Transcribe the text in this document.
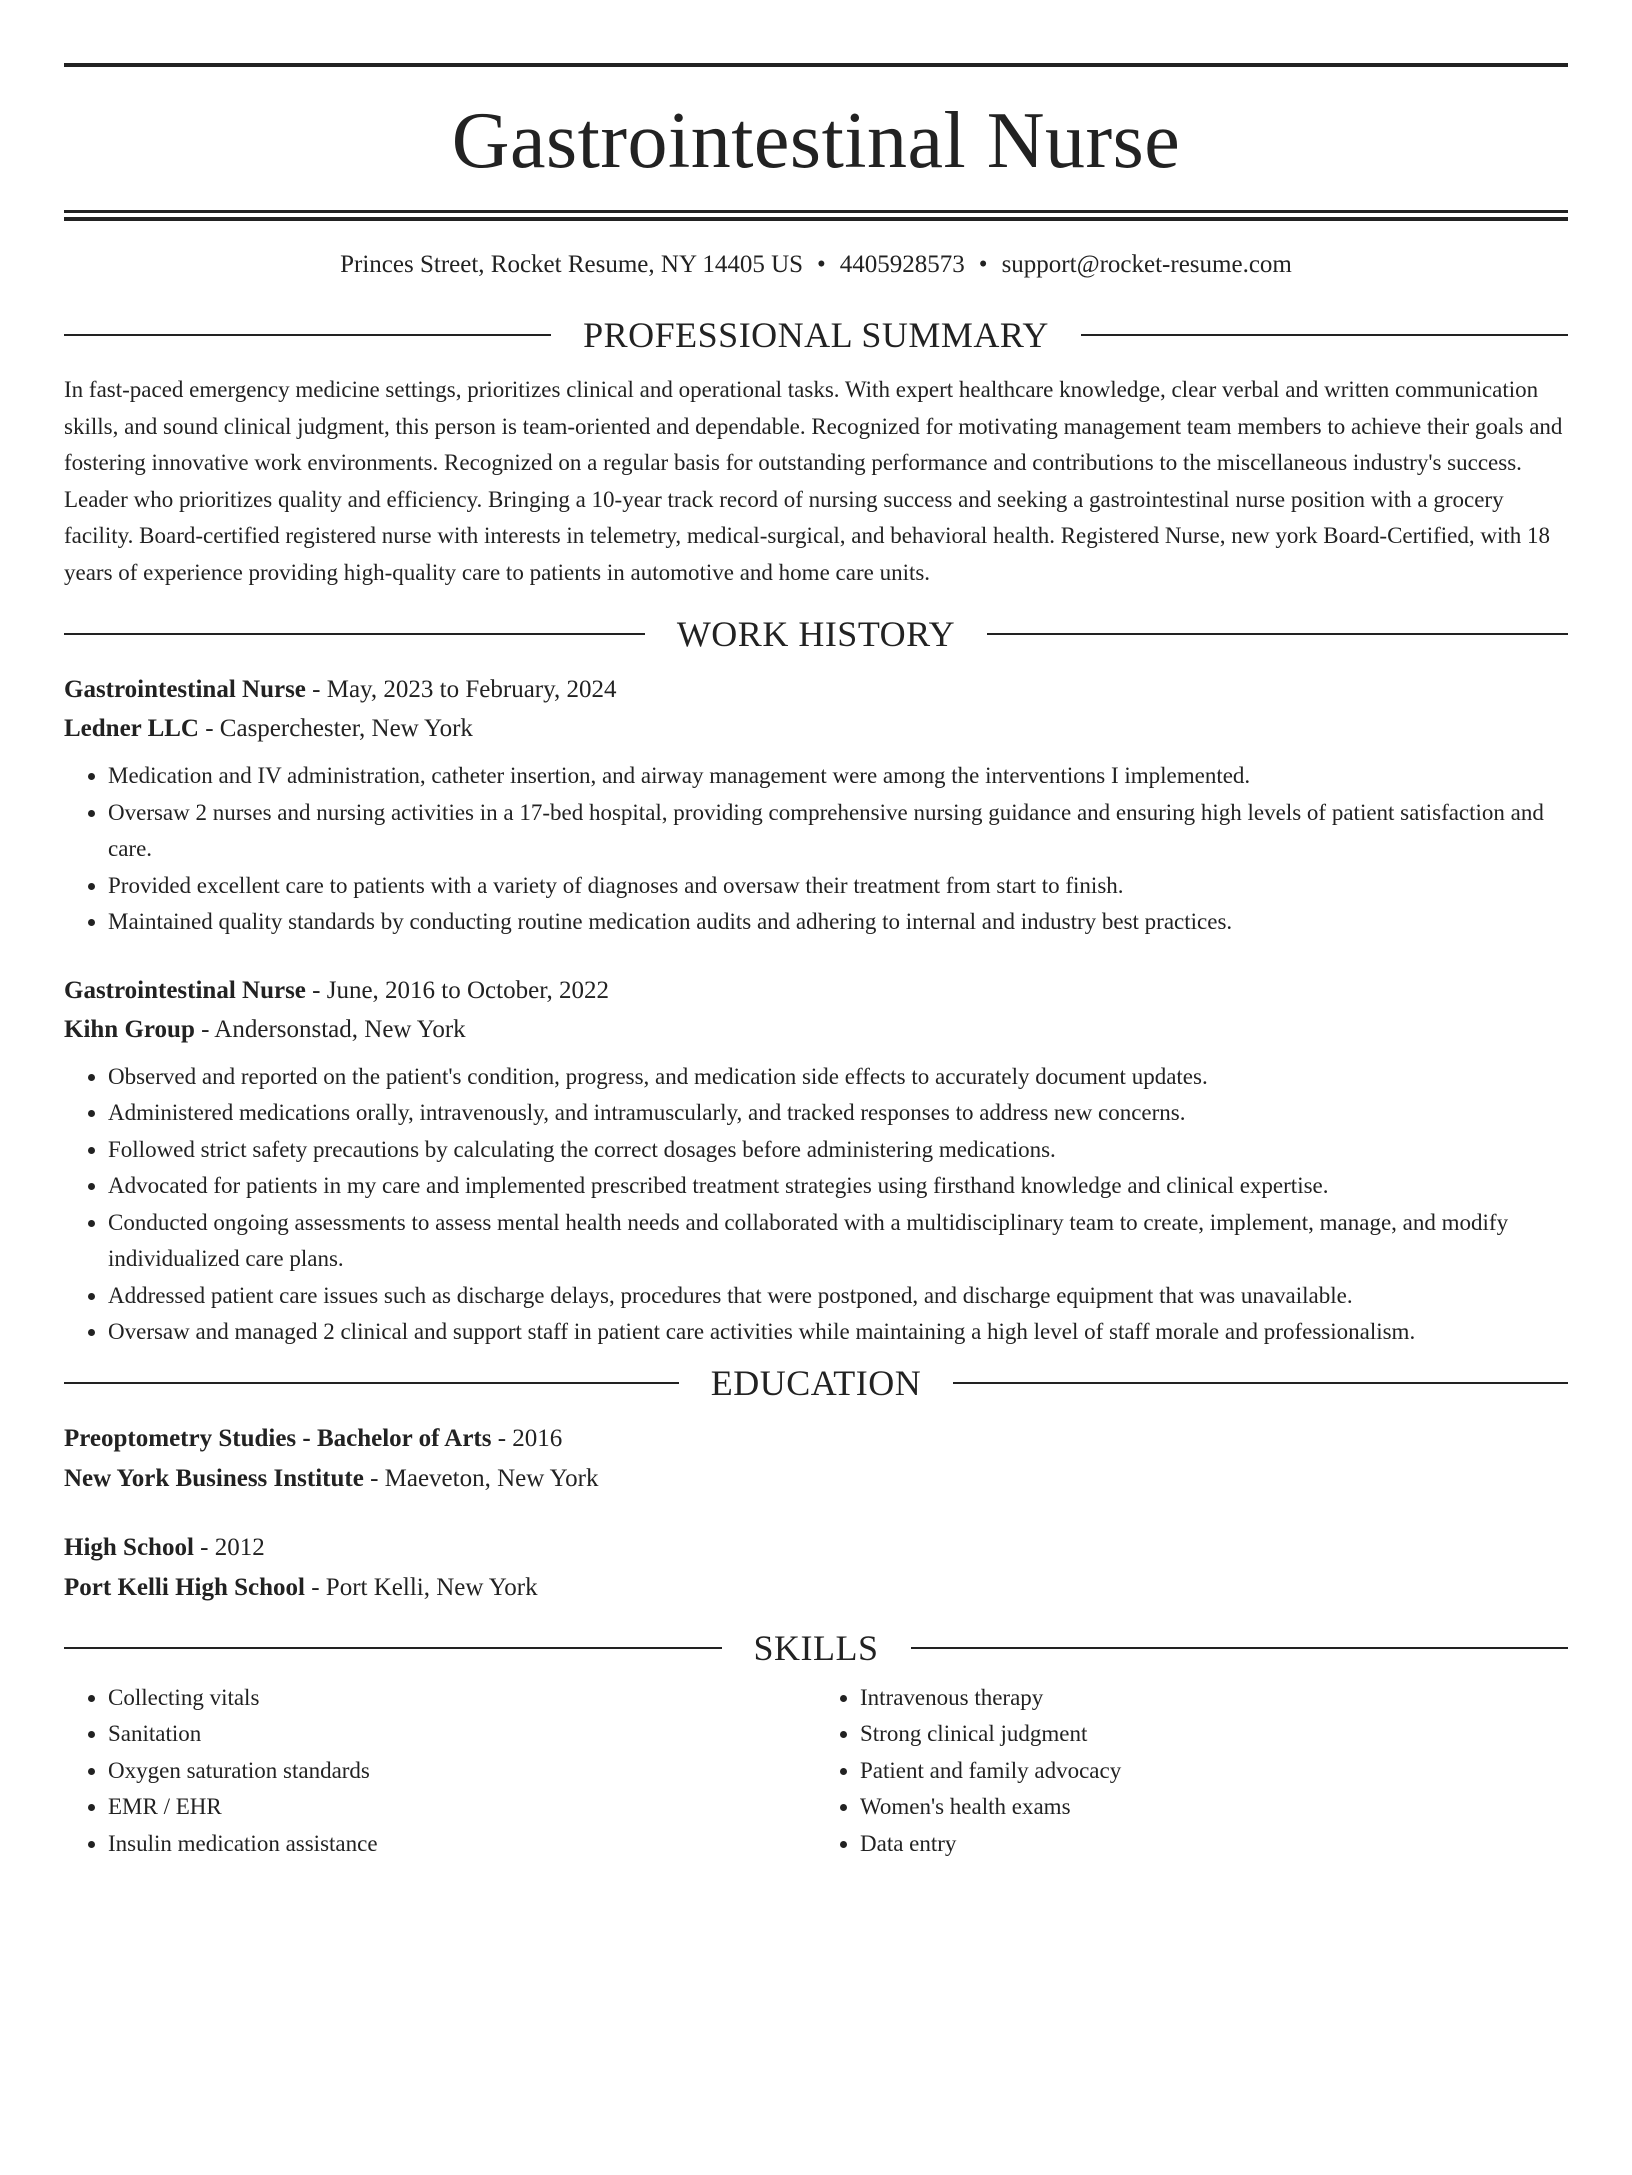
Gastrointestinal Nurse
Princes Street, Rocket Resume, NY 14405 US • 4405928573 • support@rocket-resume.com
PROFESSIONAL SUMMARY
In fast-paced emergency medicine settings, prioritizes clinical and operational tasks. With expert healthcare knowledge, clear verbal and written communication skills, and sound clinical judgment, this person is team-oriented and dependable. Recognized for motivating management team members to achieve their goals and fostering innovative work environments. Recognized on a regular basis for outstanding performance and contributions to the miscellaneous industry's success. Leader who prioritizes quality and efficiency. Bringing a 10-year track record of nursing success and seeking a gastrointestinal nurse position with a grocery facility. Board-certified registered nurse with interests in telemetry, medical-surgical, and behavioral health. Registered Nurse, new york Board-Certified, with 18 years of experience providing high-quality care to patients in automotive and home care units.
WORK HISTORY
Gastrointestinal Nurse - May, 2023 to February, 2024
Ledner LLC - Casperchester, New York
• Medication and IV administration, catheter insertion, and airway management were among the interventions I implemented.
• Oversaw 2 nurses and nursing activities in a 17-bed hospital, providing comprehensive nursing guidance and ensuring high levels of patient satisfaction and care.
• Provided excellent care to patients with a variety of diagnoses and oversaw their treatment from start to finish.
• Maintained quality standards by conducting routine medication audits and adhering to internal and industry best practices.
Gastrointestinal Nurse - June, 2016 to October, 2022
Kihn Group - Andersonstad, New York
• Observed and reported on the patient's condition, progress, and medication side effects to accurately document updates.
• Administered medications orally, intravenously, and intramuscularly, and tracked responses to address new concerns.
• Followed strict safety precautions by calculating the correct dosages before administering medications.
• Advocated for patients in my care and implemented prescribed treatment strategies using firsthand knowledge and clinical expertise.
• Conducted ongoing assessments to assess mental health needs and collaborated with a multidisciplinary team to create, implement, manage, and modify individualized care plans.
• Addressed patient care issues such as discharge delays, procedures that were postponed, and discharge equipment that was unavailable.
• Oversaw and managed 2 clinical and support staff in patient care activities while maintaining a high level of staff morale and professionalism.
EDUCATION
Preoptometry Studies - Bachelor of Arts - 2016
New York Business Institute - Maeveton, New York
High School - 2012
Port Kelli High School - Port Kelli, New York
SKILLS
• Collecting vitals
• Sanitation
• Oxygen saturation standards
• EMR / EHR
• Insulin medication assistance
• Intravenous therapy
• Strong clinical judgment
• Patient and family advocacy
• Women's health exams
• Data entry
